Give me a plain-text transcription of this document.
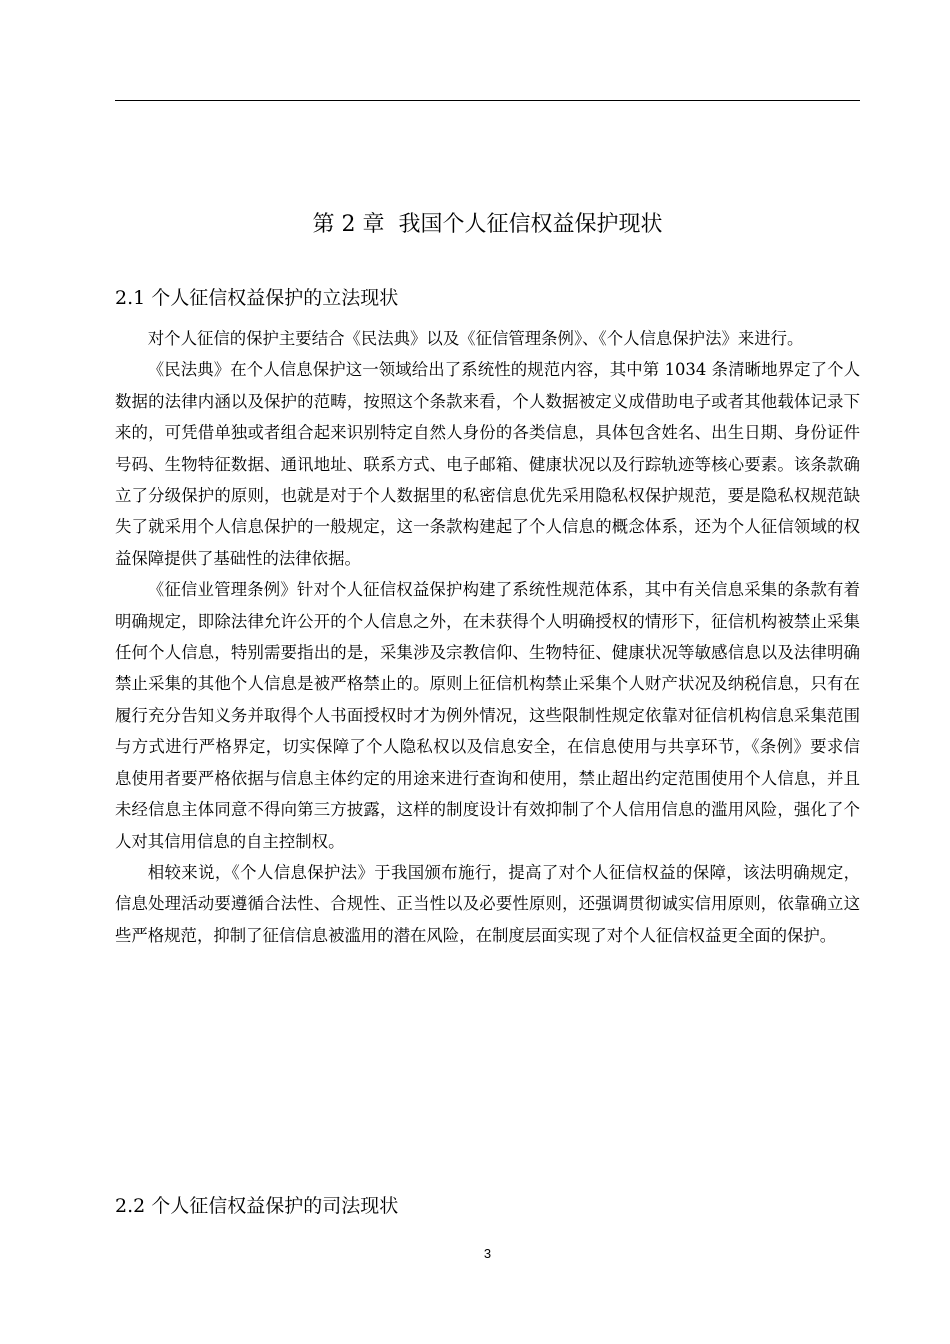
第 2 章  我国个人征信权益保护现状
2.1 个人征信权益保护的立法现状

对个人征信的保护主要结合《民法典》以及《征信管理条例》、《个人信息保护法》来进行。

《民法典》在个人信息保护这一领域给出了系统性的规范内容，其中第 1034 条清晰地界定了个人数据的法律内涵以及保护的范畴，按照这个条款来看，个人数据被定义成借助电子或者其他载体记录下来的，可凭借单独或者组合起来识别特定自然人身份的各类信息，具体包含姓名、出生日期、身份证件号码、生物特征数据、通讯地址、联系方式、电子邮箱、健康状况以及行踪轨迹等核心要素。该条款确立了分级保护的原则，也就是对于个人数据里的私密信息优先采用隐私权保护规范，要是隐私权规范缺失了就采用个人信息保护的一般规定，这一条款构建起了个人信息的概念体系，还为个人征信领域的权益保障提供了基础性的法律依据。

《征信业管理条例》针对个人征信权益保护构建了系统性规范体系，其中有关信息采集的条款有着明确规定，即除法律允许公开的个人信息之外，在未获得个人明确授权的情形下，征信机构被禁止采集任何个人信息，特别需要指出的是，采集涉及宗教信仰、生物特征、健康状况等敏感信息以及法律明确禁止采集的其他个人信息是被严格禁止的。原则上征信机构禁止采集个人财产状况及纳税信息，只有在履行充分告知义务并取得个人书面授权时才为例外情况，这些限制性规定依靠对征信机构信息采集范围与方式进行严格界定，切实保障了个人隐私权以及信息安全，在信息使用与共享环节，《条例》要求信息使用者要严格依据与信息主体约定的用途来进行查询和使用，禁止超出约定范围使用个人信息，并且未经信息主体同意不得向第三方披露，这样的制度设计有效抑制了个人信用信息的滥用风险，强化了个人对其信用信息的自主控制权。

相较来说，《个人信息保护法》于我国颁布施行，提高了对个人征信权益的保障，该法明确规定，信息处理活动要遵循合法性、合规性、正当性以及必要性原则，还强调贯彻诚实信用原则，依靠确立这些严格规范，抑制了征信信息被滥用的潜在风险，在制度层面实现了对个人征信权益更全面的保护。

2.2 个人征信权益保护的司法现状
3
